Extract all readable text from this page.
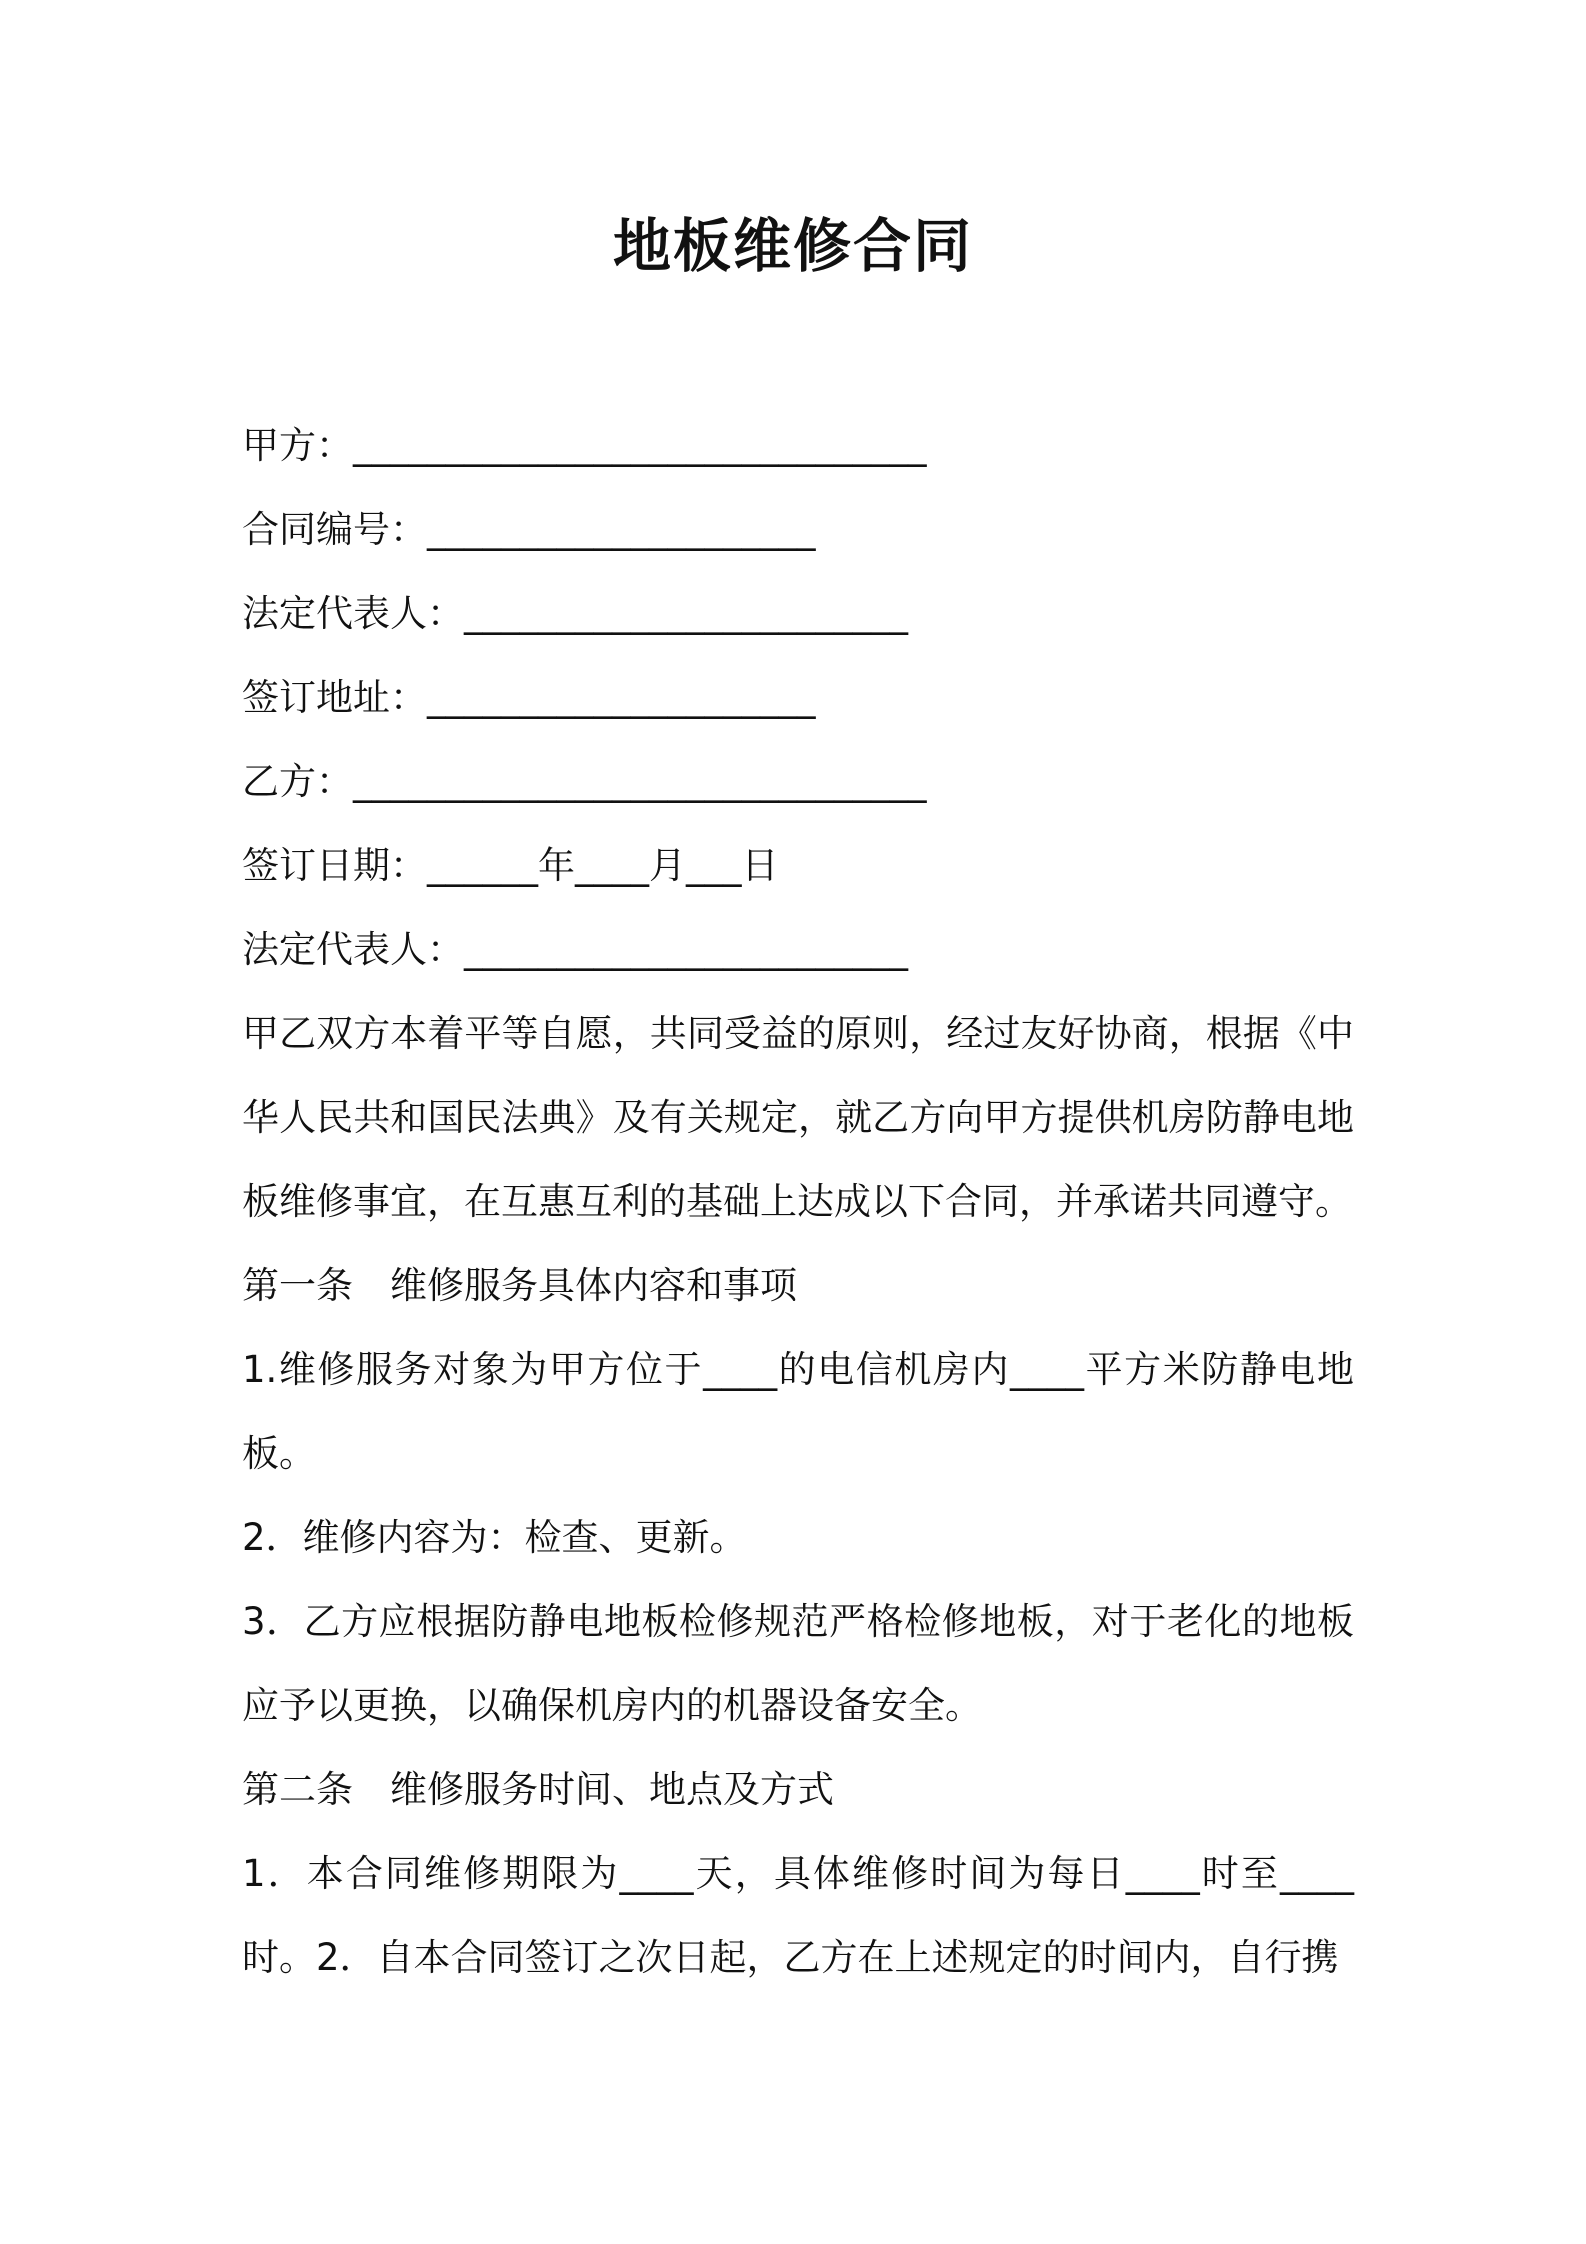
地板维修合同
甲方：_______________________________
合同编号：_____________________
法定代表人：________________________
签订地址：_____________________
乙方：_______________________________
签订日期：______年____月___日
法定代表人：________________________
甲乙双方本着平等自愿，共同受益的原则，经过友好协商，根据《中华人民共和国民法典》及有关规定，就乙方向甲方提供机房防静电地板维修事宜，在互惠互利的基础上达成以下合同，并承诺共同遵守。
第一条　维修服务具体内容和事项
1.维修服务对象为甲方位于____的电信机房内____平方米防静电地板。
2．维修内容为：检查、更新。
3．乙方应根据防静电地板检修规范严格检修地板，对于老化的地板应予以更换，以确保机房内的机器设备安全。
第二条　维修服务时间、地点及方式
1．本合同维修期限为____天，具体维修时间为每日____时至____时。2．自本合同签订之次日起，乙方在上述规定的时间内，自行携
